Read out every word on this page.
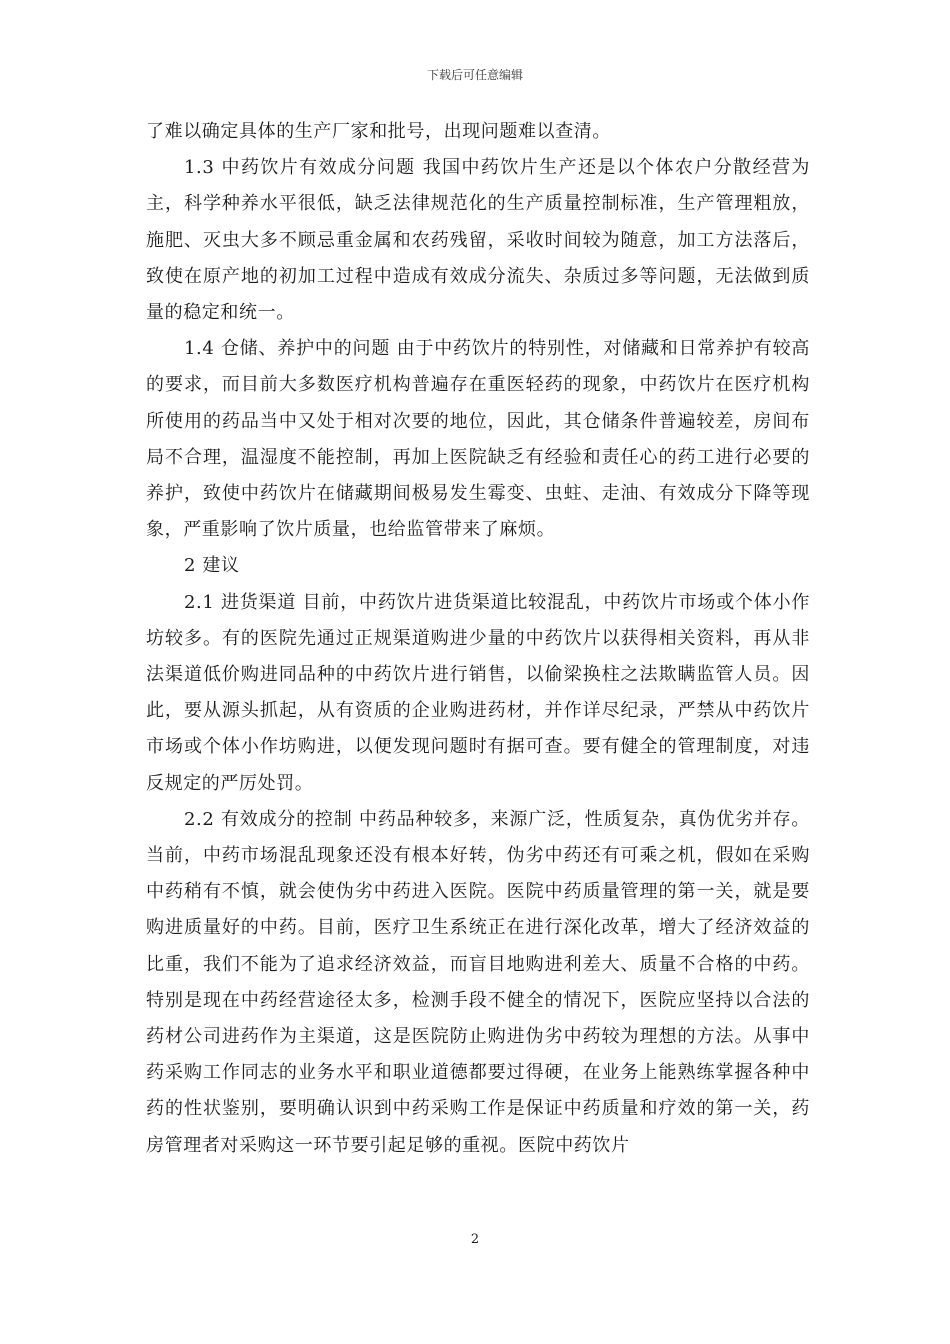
下载后可任意编辑

了难以确定具体的生产厂家和批号，出现问题难以查清。

1.3 中药饮片有效成分问题 我国中药饮片生产还是以个体农户分散经营为主，科学种养水平很低，缺乏法律规范化的生产质量控制标准，生产管理粗放，施肥、灭虫大多不顾忌重金属和农药残留，采收时间较为随意，加工方法落后，致使在原产地的初加工过程中造成有效成分流失、杂质过多等问题，无法做到质量的稳定和统一。

1.4 仓储、养护中的问题 由于中药饮片的特别性，对储藏和日常养护有较高的要求，而目前大多数医疗机构普遍存在重医轻药的现象，中药饮片在医疗机构所使用的药品当中又处于相对次要的地位，因此，其仓储条件普遍较差，房间布局不合理，温湿度不能控制，再加上医院缺乏有经验和责任心的药工进行必要的养护，致使中药饮片在储藏期间极易发生霉变、虫蛀、走油、有效成分下降等现象，严重影响了饮片质量，也给监管带来了麻烦。

2 建议

2.1 进货渠道 目前，中药饮片进货渠道比较混乱，中药饮片市场或个体小作坊较多。有的医院先通过正规渠道购进少量的中药饮片以获得相关资料，再从非法渠道低价购进同品种的中药饮片进行销售，以偷梁换柱之法欺瞒监管人员。因此，要从源头抓起，从有资质的企业购进药材，并作详尽纪录，严禁从中药饮片市场或个体小作坊购进，以便发现问题时有据可查。要有健全的管理制度，对违反规定的严厉处罚。

2.2 有效成分的控制 中药品种较多，来源广泛，性质复杂，真伪优劣并存。当前，中药市场混乱现象还没有根本好转，伪劣中药还有可乘之机，假如在采购中药稍有不慎，就会使伪劣中药进入医院。医院中药质量管理的第一关，就是要购进质量好的中药。目前，医疗卫生系统正在进行深化改革，增大了经济效益的比重，我们不能为了追求经济效益，而盲目地购进利差大、质量不合格的中药。特别是现在中药经营途径太多，检测手段不健全的情况下，医院应坚持以合法的药材公司进药作为主渠道，这是医院防止购进伪劣中药较为理想的方法。从事中药采购工作同志的业务水平和职业道德都要过得硬，在业务上能熟练掌握各种中药的性状鉴别，要明确认识到中药采购工作是保证中药质量和疗效的第一关，药房管理者对采购这一环节要引起足够的重视。医院中药饮片

2
